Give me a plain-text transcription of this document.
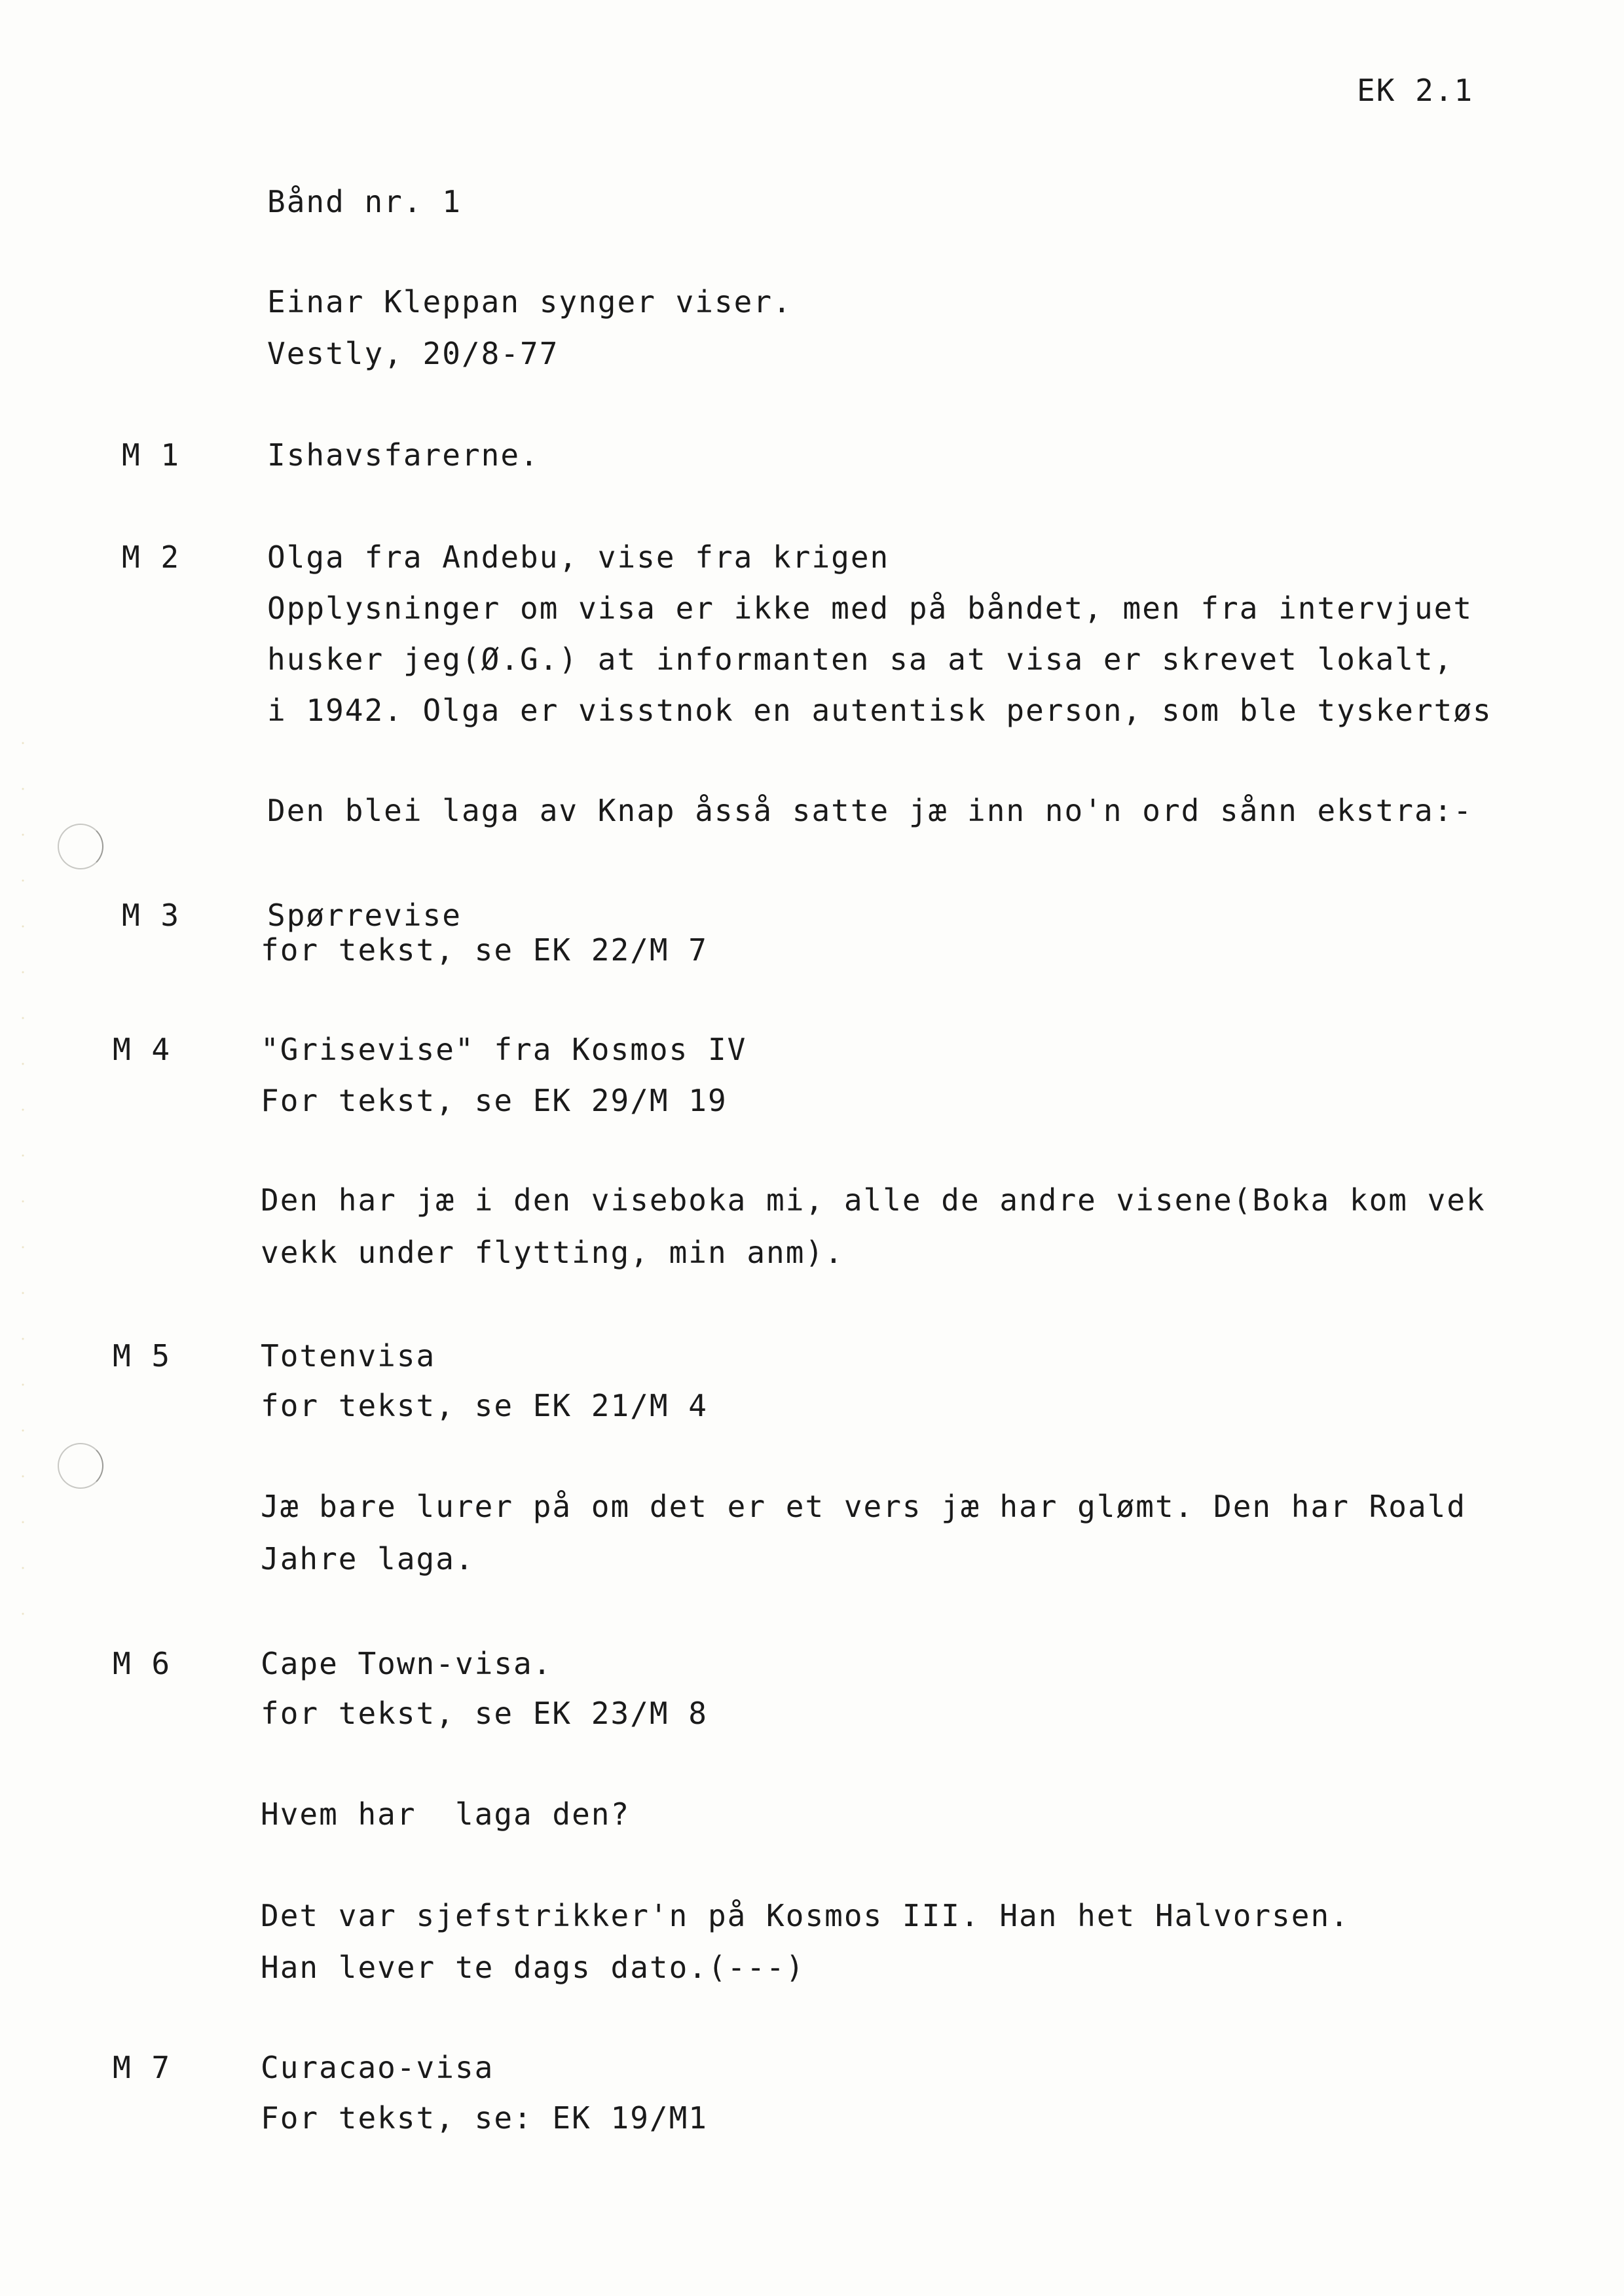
EK 2.1
Bånd nr. 1
Einar Kleppan synger viser.
Vestly, 20/8-77
M 1	Ishavsfarerne.
M 2	Olga fra Andebu, vise fra krigen
Opplysninger om visa er ikke med på båndet, men fra intervjuet
husker jeg(Ø.G.) at informanten sa at visa er skrevet lokalt,
i 1942. Olga er visstnok en autentisk person, som ble tyskertøs
Den blei laga av Knap åsså satte jæ inn no'n ord sånn ekstra:-
M 3	Spørrevise
for tekst, se EK 22/M 7
M 4	"Grisevise" fra Kosmos IV
For tekst, se EK 29/M 19
Den har jæ i den viseboka mi, alle de andre visene(Boka kom vek
vekk under flytting, min anm).
M 5	Totenvisa
for tekst, se EK 21/M 4
Jæ bare lurer på om det er et vers jæ har glømt. Den har Roald
Jahre laga.
M 6	Cape Town-visa.
for tekst, se EK 23/M 8
Hvem har  laga den?
Det var sjefstrikker'n på Kosmos III. Han het Halvorsen.
Han lever te dags dato.(---)
M 7	Curacao-visa
For tekst, se: EK 19/M1
